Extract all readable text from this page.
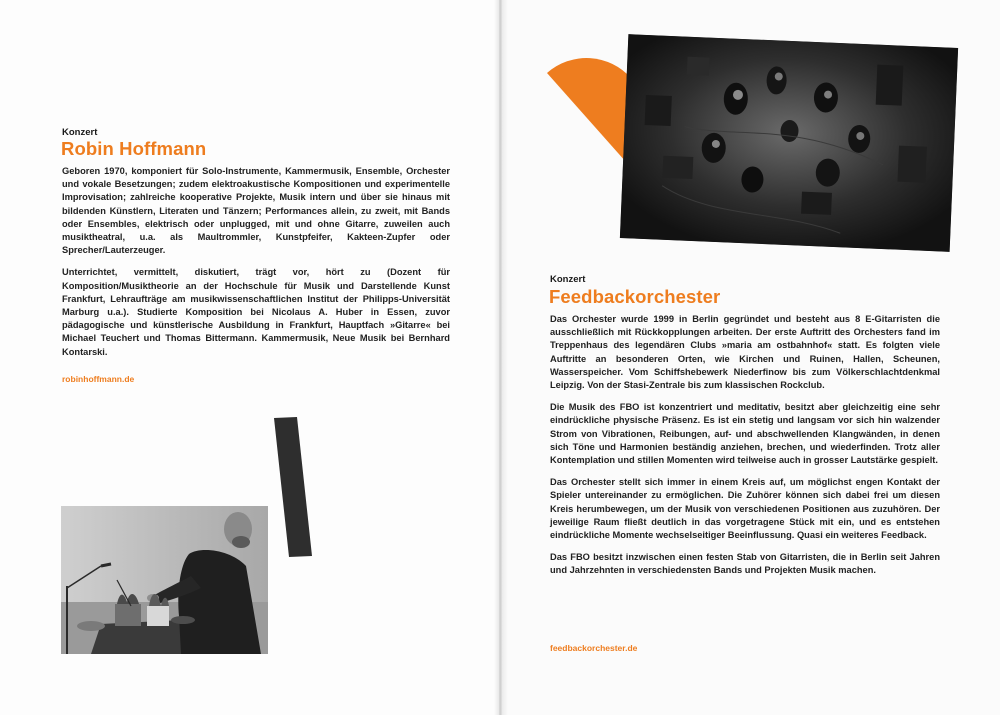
Konzert
Robin Hoffmann

Geboren 1970, komponiert für Solo-Instrumente, Kammermusik, Ensemble, Orchester und vokale Besetzungen; zudem elektroakustische Kompositionen und experimentelle Improvisation; zahlreiche kooperative Projekte, Musik intern und über sie hinaus mit bildenden Künstlern, Literaten und Tänzern; Performances allein, zu zweit, mit Bands oder Ensembles, elektrisch oder unplugged, mit und ohne Gitarre, zuweilen auch musiktheatral, u.a. als Maultrommler, Kunstpfeifer, Kakteen-Zupfer oder Sprecher/Lauterzeuger.

Unterrichtet, vermittelt, diskutiert, trägt vor, hört zu (Dozent für Komposition/Musiktheorie an der Hochschule für Musik und Darstellende Kunst Frankfurt, Lehraufträge am musikwissenschaftlichen Institut der Philipps-Universität Marburg u.a.). Studierte Komposition bei Nicolaus A. Huber in Essen, zuvor pädagogische und künstlerische Ausbildung in Frankfurt, Hauptfach »Gitarre« bei Michael Teuchert und Thomas Bittermann. Kammermusik, Neue Musik bei Bernhard Kontarski.

robinhoffmann.de
Konzert
Feedbackorchester

Das Orchester wurde 1999 in Berlin gegründet und besteht aus 8 E-Gitarristen die ausschließlich mit Rückkopplungen arbeiten. Der erste Auftritt des Orchesters fand im Treppenhaus des legendären Clubs »maria am ostbahnhof« statt. Es folgten viele Auftritte an besonderen Orten, wie Kirchen und Ruinen, Hallen, Scheunen, Wasserspeicher. Vom Schiffshebewerk Niederfinow bis zum Völkerschlachtdenkmal Leipzig. Von der Stasi-Zentrale bis zum klassischen Rockclub.

Die Musik des FBO ist konzentriert und meditativ, besitzt aber gleichzeitig eine sehr eindrückliche physische Präsenz. Es ist ein stetig und langsam vor sich hin walzender Strom von Vibrationen, Reibungen, auf- und abschwellenden Klangwänden, in denen sich Töne und Harmonien beständig anziehen, brechen, und wiederfinden. Trotz aller Kontemplation und stillen Momenten wird teilweise auch in grosser Lautstärke gespielt.

Das Orchester stellt sich immer in einem Kreis auf, um möglichst engen Kontakt der Spieler untereinander zu ermöglichen. Die Zuhörer können sich dabei frei um diesen Kreis herumbewegen, um der Musik von verschiedenen Positionen aus zuzuhören. Der jeweilige Raum fließt deutlich in das vorgetragene Stück mit ein, und es entstehen eindrückliche Momente wechselseitiger Beeinflussung. Quasi ein weiteres Feedback.

Das FBO besitzt inzwischen einen festen Stab von Gitarristen, die in Berlin seit Jahren und Jahrzehnten in verschiedensten Bands und Projekten Musik machen.

feedbackorchester.de
